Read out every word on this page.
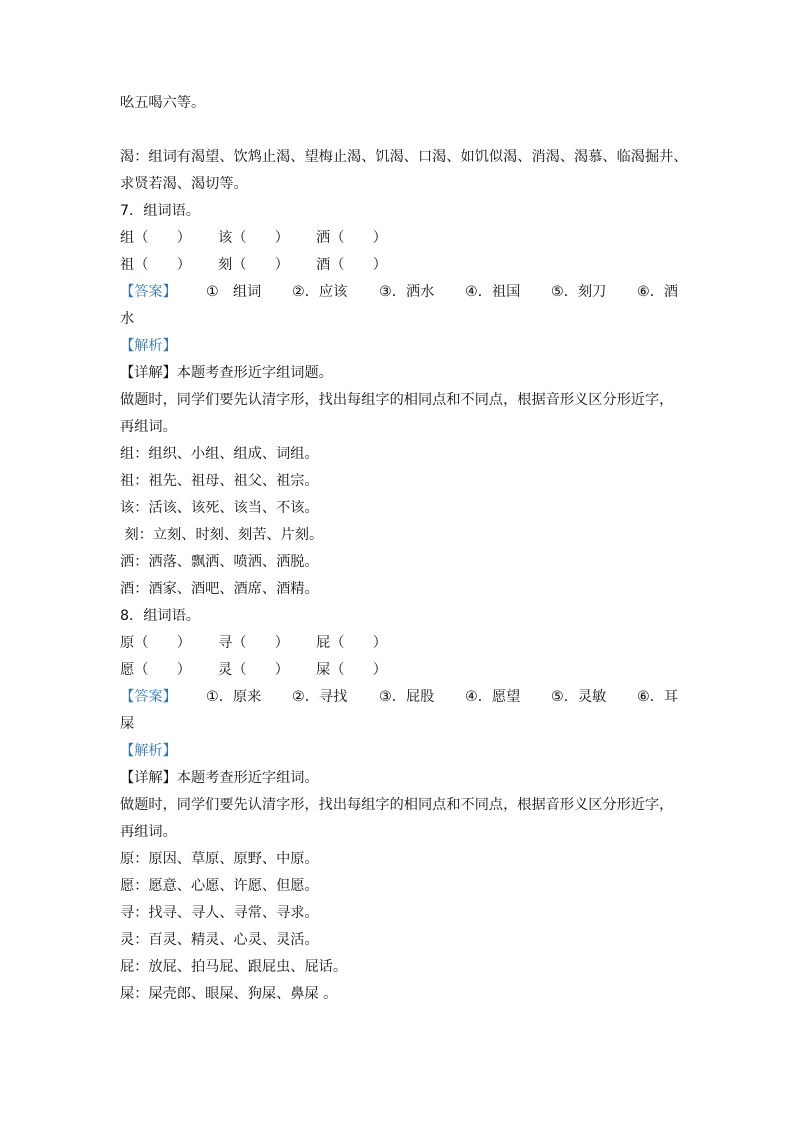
吆五喝六等。
渴：组词有渴望、饮鸩止渴、望梅止渴、饥渴、口渴、如饥似渴、消渴、渴慕、临渴掘井、
求贤若渴、渴切等。
7．组词语。
组（　　）	该（　　）	洒（　　）
祖（　　）	刻（　　）	酒（　　）
【答案】	①　组词	②．应该	③．洒水	④．祖国	⑤．刻刀	⑥．酒
水
【解析】
【详解】本题考查形近字组词题。
做题时，同学们要先认清字形，找出每组字的相同点和不同点，根据音形义区分形近字，
再组词。
组：组织、小组、组成、词组。
祖：祖先、祖母、祖父、祖宗。
该：活该、该死、该当、不该。
刻：立刻、时刻、刻苦、片刻。
洒：洒落、飘洒、喷洒、洒脱。
酒：酒家、酒吧、酒席、酒精。
8．组词语。
原（　　）	寻（　　）	屁（　　）
愿（　　）	灵（　　）	屎（　　）
【答案】	①．原来	②．寻找	③．屁股	④．愿望	⑤．灵敏	⑥．耳
屎
【解析】
【详解】本题考查形近字组词。
做题时，同学们要先认清字形，找出每组字的相同点和不同点，根据音形义区分形近字，
再组词。
原：原因、草原、原野、中原。
愿：愿意、心愿、许愿、但愿。
寻：找寻、寻人、寻常、寻求。
灵：百灵、精灵、心灵、灵活。
屁：放屁、拍马屁、跟屁虫、屁话。
屎：屎壳郎、眼屎、狗屎、鼻屎 。
